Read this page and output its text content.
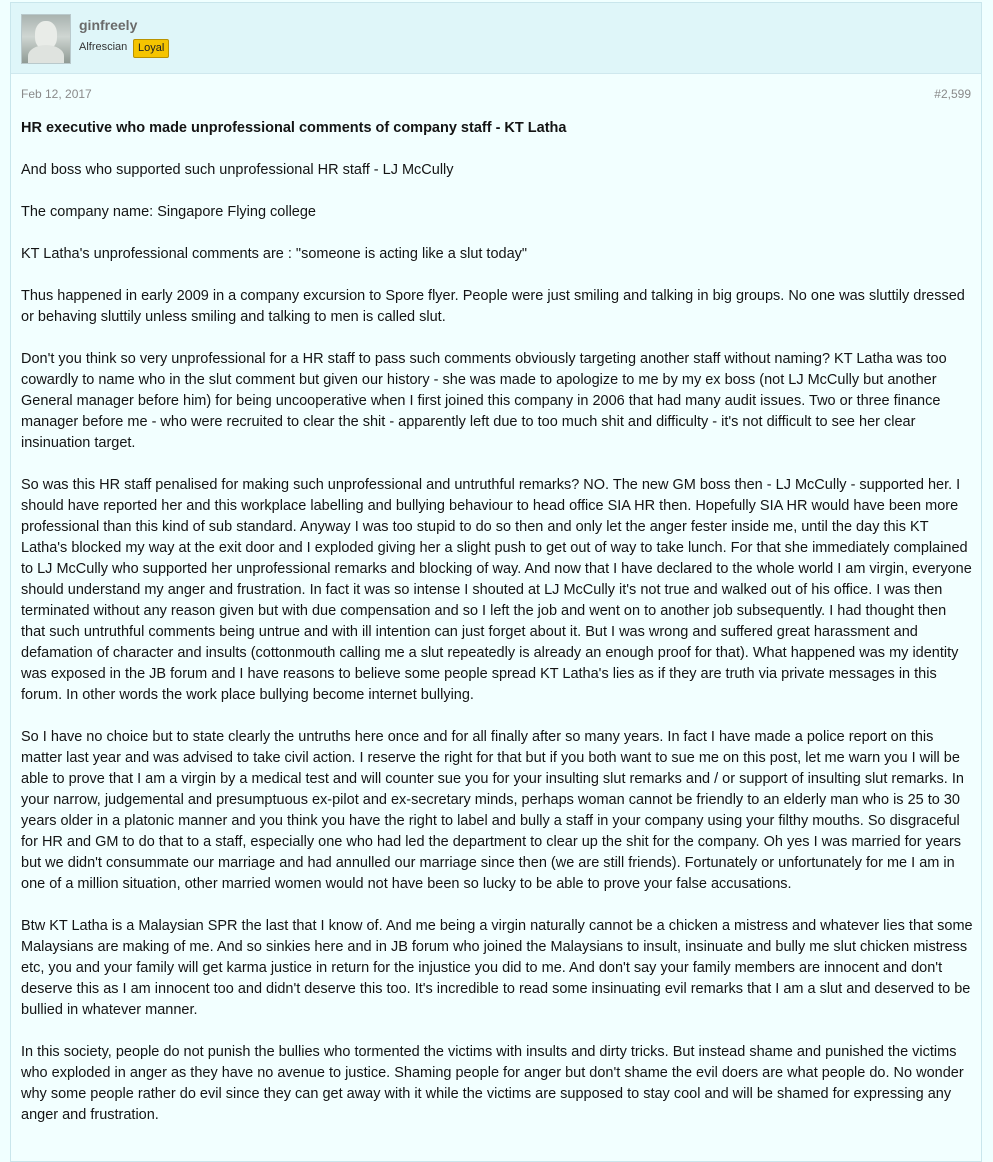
ginfreely
Alfrescian Loyal
Feb 12, 2017	#2,599

HR executive who made unprofessional comments of company staff - KT Latha

And boss who supported such unprofessional HR staff - LJ McCully

The company name: Singapore Flying college

KT Latha's unprofessional comments are : "someone is acting like a slut today"

Thus happened in early 2009 in a company excursion to Spore flyer. People were just smiling and talking in big groups. No one was sluttily dressed or behaving sluttily unless smiling and talking to men is called slut.

Don't you think so very unprofessional for a HR staff to pass such comments obviously targeting another staff without naming? KT Latha was too cowardly to name who in the slut comment but given our history - she was made to apologize to me by my ex boss (not LJ McCully but another General manager before him) for being uncooperative when I first joined this company in 2006 that had many audit issues. Two or three finance manager before me - who were recruited to clear the shit - apparently left due to too much shit and difficulty - it's not difficult to see her clear insinuation target.

So was this HR staff penalised for making such unprofessional and untruthful remarks? NO. The new GM boss then - LJ McCully - supported her. I should have reported her and this workplace labelling and bullying behaviour to head office SIA HR then. Hopefully SIA HR would have been more professional than this kind of sub standard. Anyway I was too stupid to do so then and only let the anger fester inside me, until the day this KT Latha's blocked my way at the exit door and I exploded giving her a slight push to get out of way to take lunch. For that she immediately complained to LJ McCully who supported her unprofessional remarks and blocking of way. And now that I have declared to the whole world I am virgin, everyone should understand my anger and frustration. In fact it was so intense I shouted at LJ McCully it's not true and walked out of his office. I was then terminated without any reason given but with due compensation and so I left the job and went on to another job subsequently. I had thought then that such untruthful comments being untrue and with ill intention can just forget about it. But I was wrong and suffered great harassment and defamation of character and insults (cottonmouth calling me a slut repeatedly is already an enough proof for that). What happened was my identity was exposed in the JB forum and I have reasons to believe some people spread KT Latha's lies as if they are truth via private messages in this forum. In other words the work place bullying become internet bullying.

So I have no choice but to state clearly the untruths here once and for all finally after so many years. In fact I have made a police report on this matter last year and was advised to take civil action. I reserve the right for that but if you both want to sue me on this post, let me warn you I will be able to prove that I am a virgin by a medical test and will counter sue you for your insulting slut remarks and / or support of insulting slut remarks. In your narrow, judgemental and presumptuous ex-pilot and ex-secretary minds, perhaps woman cannot be friendly to an elderly man who is 25 to 30 years older in a platonic manner and you think you have the right to label and bully a staff in your company using your filthy mouths. So disgraceful for HR and GM to do that to a staff, especially one who had led the department to clear up the shit for the company. Oh yes I was married for years but we didn't consummate our marriage and had annulled our marriage since then (we are still friends). Fortunately or unfortunately for me I am in one of a million situation, other married women would not have been so lucky to be able to prove your false accusations.

Btw KT Latha is a Malaysian SPR the last that I know of. And me being a virgin naturally cannot be a chicken a mistress and whatever lies that some Malaysians are making of me. And so sinkies here and in JB forum who joined the Malaysians to insult, insinuate and bully me slut chicken mistress etc, you and your family will get karma justice in return for the injustice you did to me. And don't say your family members are innocent and don't deserve this as I am innocent too and didn't deserve this too. It's incredible to read some insinuating evil remarks that I am a slut and deserved to be bullied in whatever manner.

In this society, people do not punish the bullies who tormented the victims with insults and dirty tricks. But instead shame and punished the victims who exploded in anger as they have no avenue to justice. Shaming people for anger but don't shame the evil doers are what people do. No wonder why some people rather do evil since they can get away with it while the victims are supposed to stay cool and will be shamed for expressing any anger and frustration.
